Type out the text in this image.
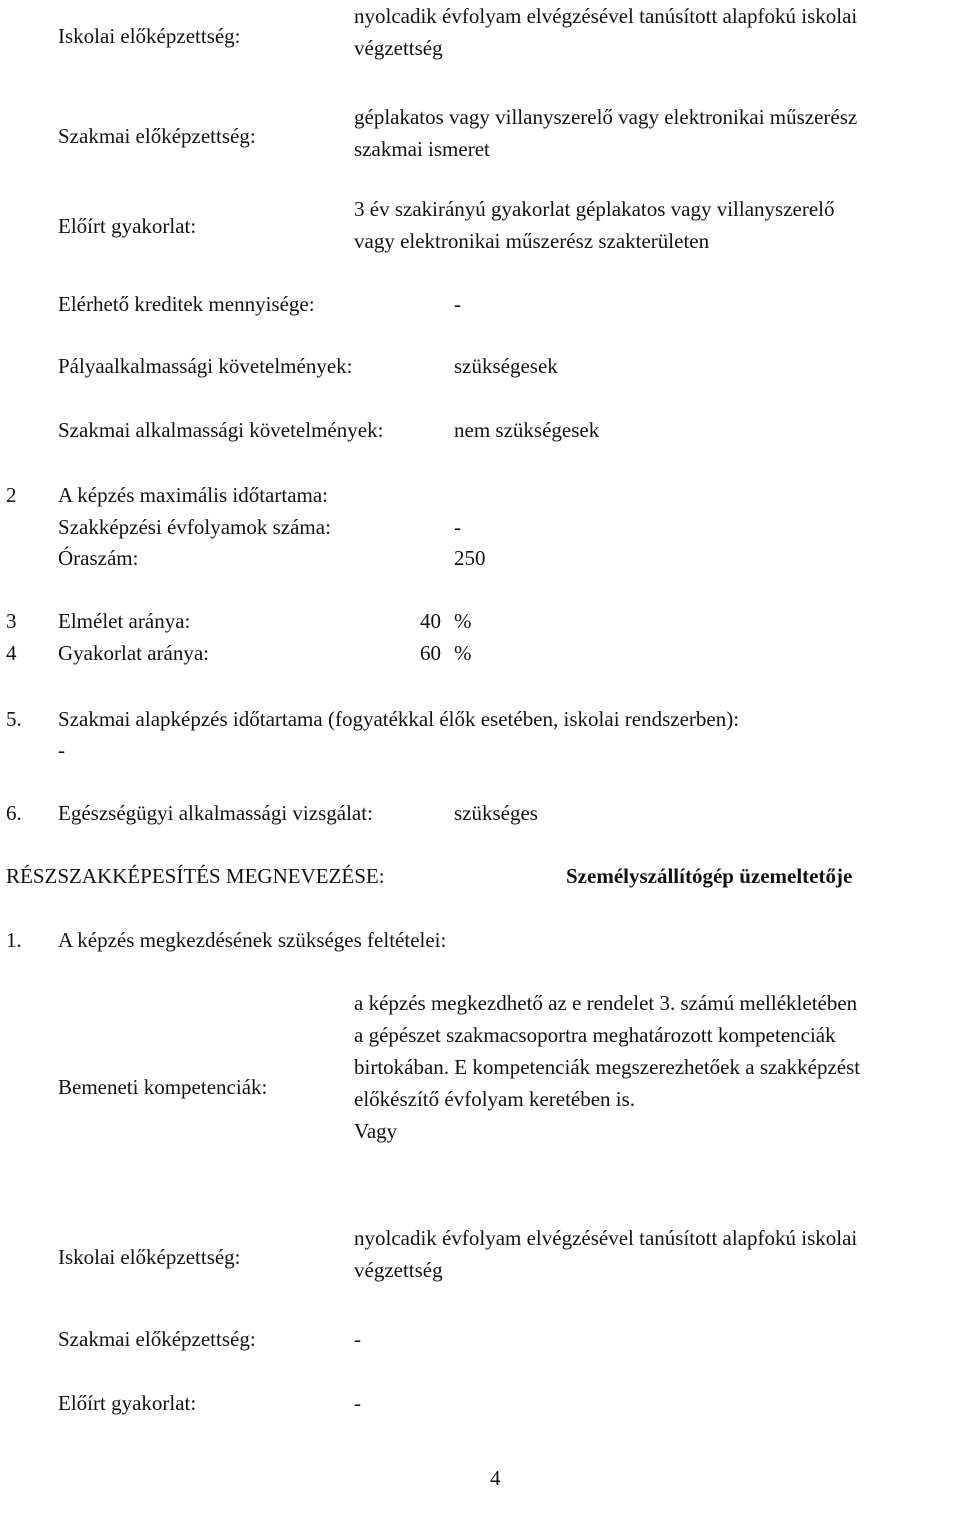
Iskolai előképzettség:
nyolcadik évfolyam elvégzésével tanúsított alapfokú iskolai
végzettség
Szakmai előképzettség:
géplakatos vagy villanyszerelő vagy elektronikai műszerész
szakmai ismeret
Előírt gyakorlat:
3 év szakirányú gyakorlat géplakatos vagy villanyszerelő
vagy elektronikai műszerész szakterületen
Elérhető kreditek mennyisége:	-
Pályaalkalmassági követelmények:	szükségesek
Szakmai alkalmassági követelmények:	nem szükségesek
2 A képzés maximális időtartama:
Szakképzési évfolyamok száma:	-
Óraszám:	250
3 Elmélet aránya:	40 %
4 Gyakorlat aránya:	60 %
5. Szakmai alapképzés időtartama (fogyatékkal élők esetében, iskolai rendszerben):
-
6. Egészségügyi alkalmassági vizsgálat:	szükséges
RÉSZSZAKKÉPESÍTÉS MEGNEVEZÉSE:	Személyszállítógép üzemeltetője
1. A képzés megkezdésének szükséges feltételei:
Bemeneti kompetenciák:
a képzés megkezdhető az e rendelet 3. számú mellékletében
a gépészet szakmacsoportra meghatározott kompetenciák
birtokában. E kompetenciák megszerezhetőek a szakképzést
előkészítő évfolyam keretében is.
Vagy
Iskolai előképzettség:
nyolcadik évfolyam elvégzésével tanúsított alapfokú iskolai
végzettség
Szakmai előképzettség:	-
Előírt gyakorlat:	-
4
